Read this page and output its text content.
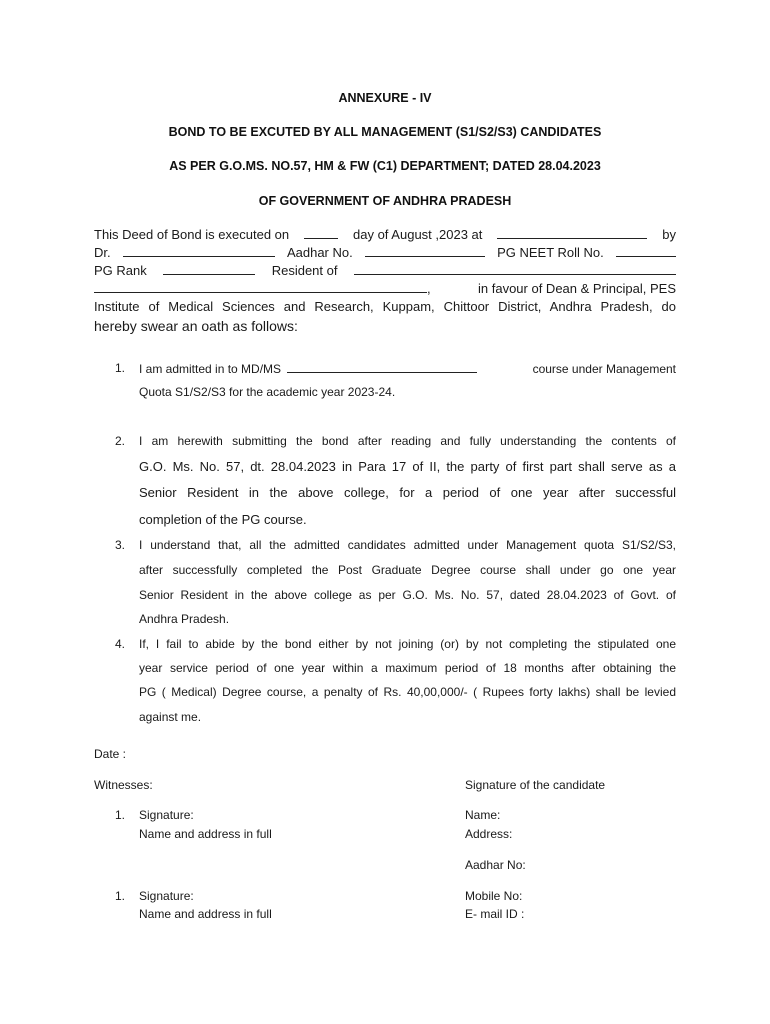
ANNEXURE - IV
BOND TO BE EXCUTED BY ALL MANAGEMENT (S1/S2/S3) CANDIDATES
AS PER G.O.MS. NO.57, HM & FW (C1) DEPARTMENT; DATED 28.04.2023
OF GOVERNMENT OF ANDHRA PRADESH
This Deed of Bond is executed on	day of August ,2023 at	by
Dr.	Aadhar No.	PG NEET Roll No.
PG Rank	Resident of
,	in favour of Dean & Principal, PES
Institute of Medical Sciences and Research, Kuppam, Chittoor District, Andhra Pradesh, do
hereby swear an oath as follows:
1. I am admitted in to MD/MS	course under Management
Quota S1/S2/S3 for the academic year 2023-24.
2. I am herewith submitting the bond after reading and fully understanding the contents of
G.O. Ms. No. 57, dt. 28.04.2023 in Para 17 of II, the party of first part shall serve as a
Senior Resident in the above college, for a period of one year after successful
completion of the PG course.
3. I understand that, all the admitted candidates admitted under Management quota S1/S2/S3,
after successfully completed the Post Graduate Degree course shall under go one year
Senior Resident in the above college as per G.O. Ms. No. 57, dated 28.04.2023 of Govt. of
Andhra Pradesh.
4. If, I fail to abide by the bond either by not joining (or) by not completing the stipulated one
year service period of one year within a maximum period of 18 months after obtaining the
PG ( Medical) Degree course, a penalty of Rs. 40,00,000/- ( Rupees forty lakhs) shall be levied
against me.
Date :
Witnesses:	Signature of the candidate
1. Signature:
Name and address in full
Name:
Address:
Aadhar No:
1. Signature:
Name and address in full
Mobile No:
E- mail ID :
